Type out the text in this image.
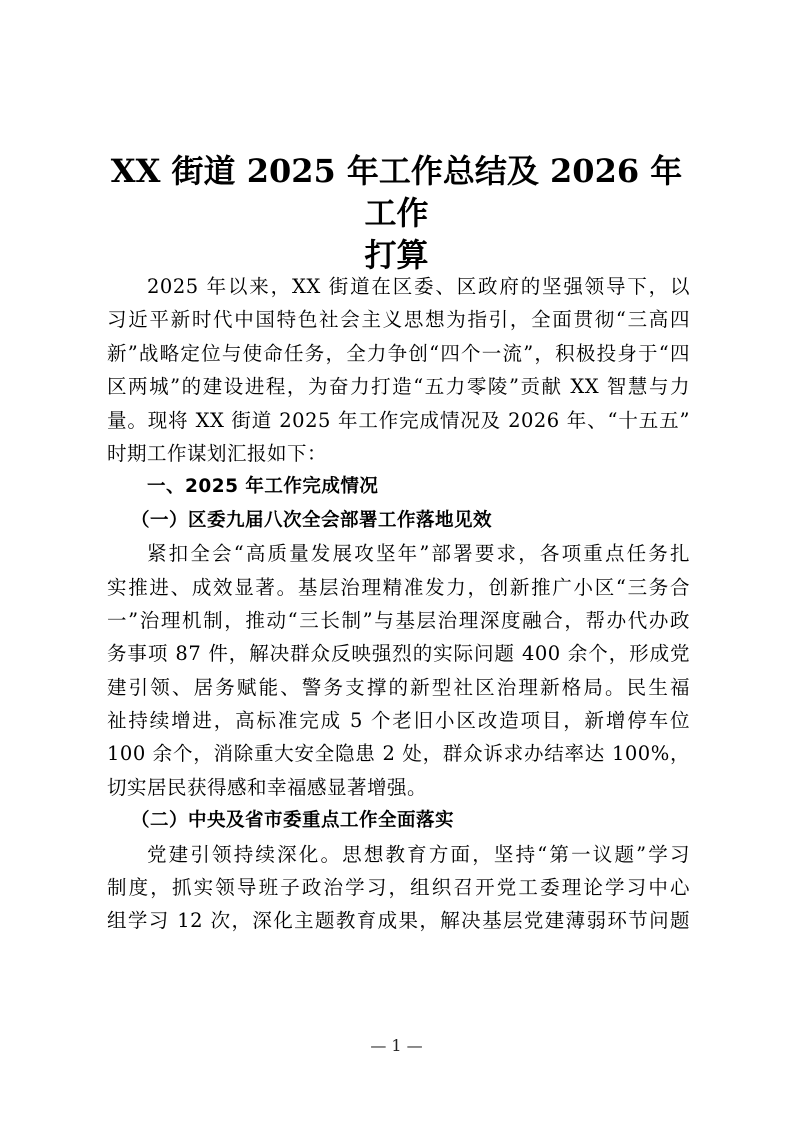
XX 街道 2025 年工作总结及 2026 年工作
打算
2025 年以来，XX 街道在区委、区政府的坚强领导下，以
习近平新时代中国特色社会主义思想为指引，全面贯彻“三高四
新”战略定位与使命任务，全力争创“四个一流”，积极投身于“四
区两城”的建设进程，为奋力打造“五力零陵”贡献 XX 智慧与力
量。现将 XX 街道 2025 年工作完成情况及 2026 年、“十五五”
时期工作谋划汇报如下：
一、2025 年工作完成情况
（一）区委九届八次全会部署工作落地见效
紧扣全会“高质量发展攻坚年”部署要求，各项重点任务扎
实推进、成效显著。基层治理精准发力，创新推广小区“三务合
一”治理机制，推动“三长制”与基层治理深度融合，帮办代办政
务事项 87 件，解决群众反映强烈的实际问题 400 余个，形成党
建引领、居务赋能、警务支撑的新型社区治理新格局。民生福
祉持续增进，高标准完成 5 个老旧小区改造项目，新增停车位
100 余个，消除重大安全隐患 2 处，群众诉求办结率达 100%，
切实居民获得感和幸福感显著增强。
（二）中央及省市委重点工作全面落实
党建引领持续深化。思想教育方面，坚持“第一议题”学习
制度，抓实领导班子政治学习，组织召开党工委理论学习中心
组学习 12 次，深化主题教育成果，解决基层党建薄弱环节问题
— 1 —
